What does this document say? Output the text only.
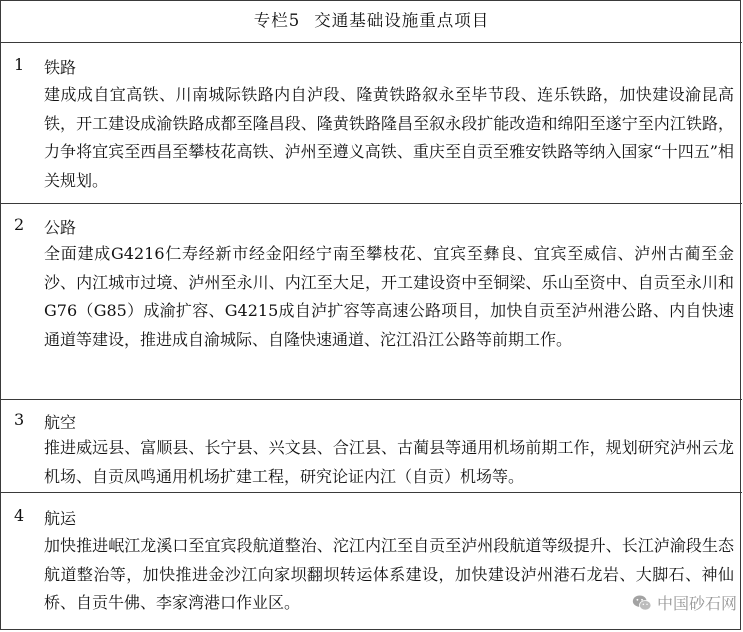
专栏5 交通基础设施重点项目
1 铁路
建成成自宜高铁、川南城际铁路内自泸段、隆黄铁路叙永至毕节段、连乐铁路，加快建设渝昆高铁，开工建设成渝铁路成都至隆昌段、隆黄铁路隆昌至叙永段扩能改造和绵阳至遂宁至内江铁路，力争将宜宾至西昌至攀枝花高铁、泸州至遵义高铁、重庆至自贡至雅安铁路等纳入国家“十四五”相关规划。
2 公路
全面建成G4216仁寿经新市经金阳经宁南至攀枝花、宜宾至彝良、宜宾至威信、泸州古蔺至金沙、内江城市过境、泸州至永川、内江至大足，开工建设资中至铜梁、乐山至资中、自贡至永川和G76（G85）成渝扩容、G4215成自泸扩容等高速公路项目，加快自贡至泸州港公路、内自快速通道等建设，推进成自渝城际、自隆快速通道、沱江沿江公路等前期工作。
3 航空
推进威远县、富顺县、长宁县、兴文县、合江县、古蔺县等通用机场前期工作，规划研究泸州云龙机场、自贡凤鸣通用机场扩建工程，研究论证内江（自贡）机场等。
4 航运
加快推进岷江龙溪口至宜宾段航道整治、沱江内江至自贡至泸州段航道等级提升、长江泸渝段生态航道整治等，加快推进金沙江向家坝翻坝转运体系建设，加快建设泸州港石龙岩、大脚石、神仙桥、自贡牛佛、李家湾港口作业区。	中国砂石网
